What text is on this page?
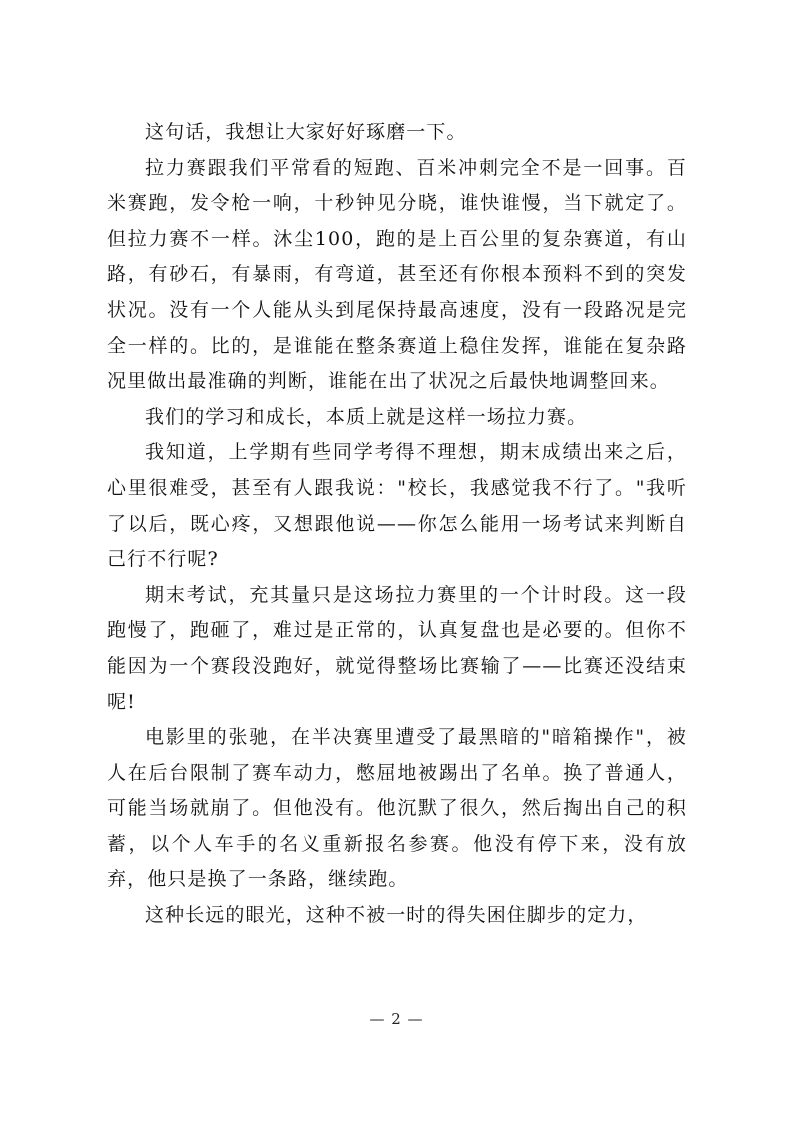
这句话，我想让大家好好琢磨一下。

拉力赛跟我们平常看的短跑、百米冲刺完全不是一回事。百米赛跑，发令枪一响，十秒钟见分晓，谁快谁慢，当下就定了。但拉力赛不一样。沐尘100，跑的是上百公里的复杂赛道，有山路，有砂石，有暴雨，有弯道，甚至还有你根本预料不到的突发状况。没有一个人能从头到尾保持最高速度，没有一段路况是完全一样的。比的，是谁能在整条赛道上稳住发挥，谁能在复杂路况里做出最准确的判断，谁能在出了状况之后最快地调整回来。

我们的学习和成长，本质上就是这样一场拉力赛。

我知道，上学期有些同学考得不理想，期末成绩出来之后，心里很难受，甚至有人跟我说："校长，我感觉我不行了。"我听了以后，既心疼，又想跟他说——你怎么能用一场考试来判断自己行不行呢?

期末考试，充其量只是这场拉力赛里的一个计时段。这一段跑慢了，跑砸了，难过是正常的，认真复盘也是必要的。但你不能因为一个赛段没跑好，就觉得整场比赛输了——比赛还没结束呢!

电影里的张驰，在半决赛里遭受了最黑暗的"暗箱操作"，被人在后台限制了赛车动力，憋屈地被踢出了名单。换了普通人，可能当场就崩了。但他没有。他沉默了很久，然后掏出自己的积蓄，以个人车手的名义重新报名参赛。他没有停下来，没有放弃，他只是换了一条路，继续跑。

这种长远的眼光，这种不被一时的得失困住脚步的定力，

— 2 —
